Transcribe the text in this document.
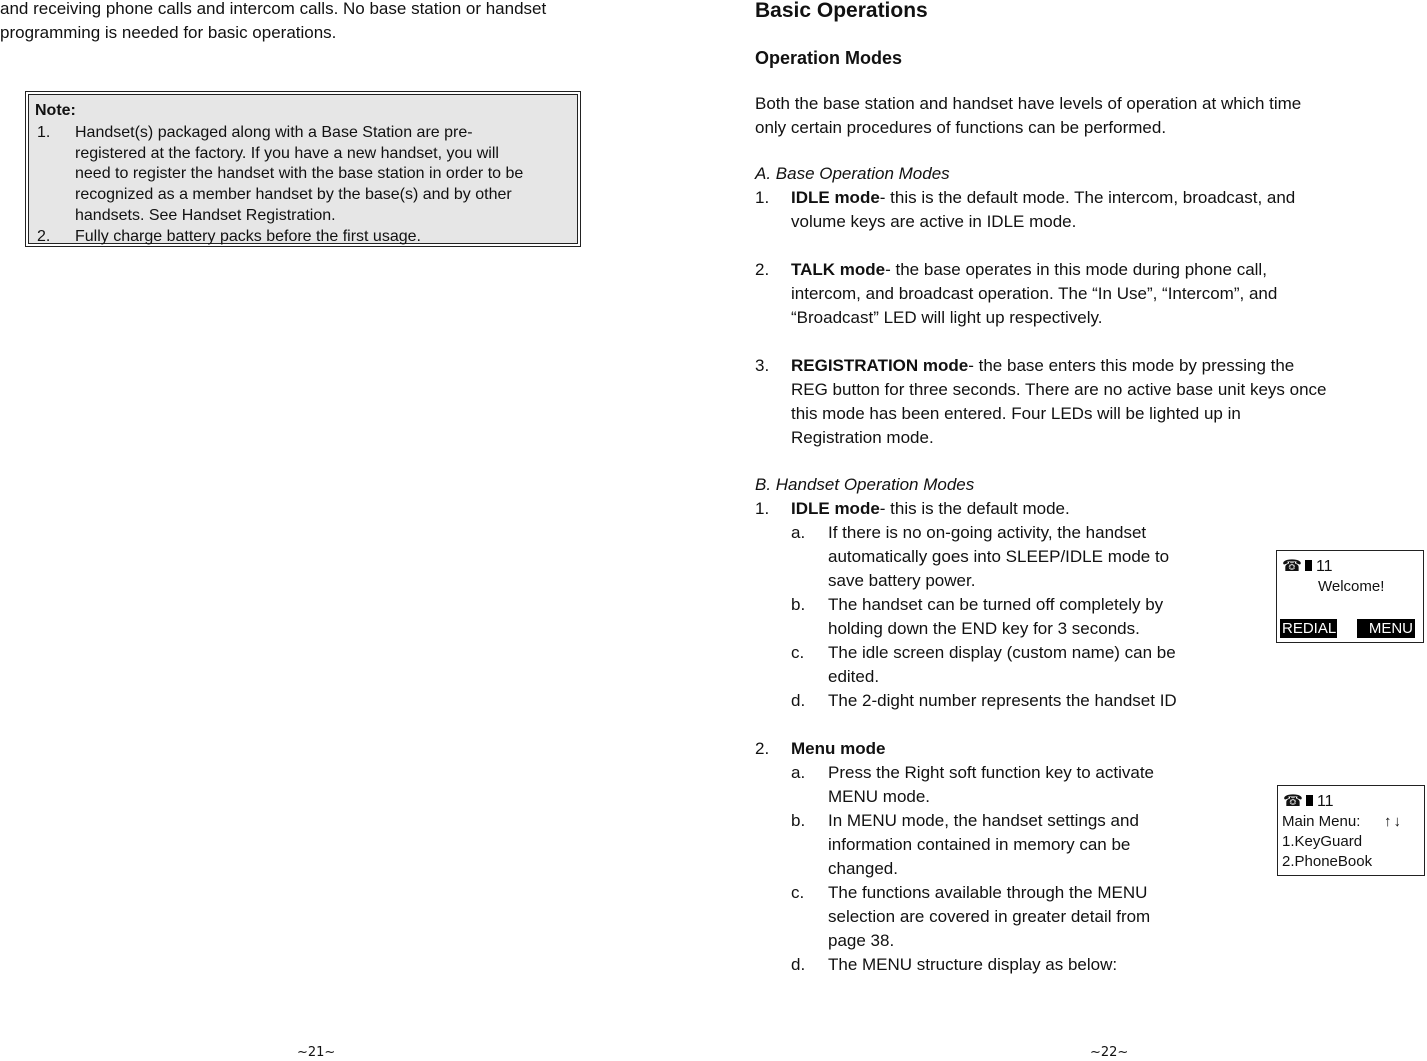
and receiving phone calls and intercom calls. No base station or handset
programming is needed for basic operations.
Note:
1. Handset(s) packaged along with a Base Station are pre-
registered at the factory. If you have a new handset, you will
need to register the handset with the base station in order to be
recognized as a member handset by the base(s) and by other
handsets. See Handset Registration.
2. Fully charge battery packs before the first usage.
~21~
Basic Operations
Operation Modes
Both the base station and handset have levels of operation at which time
only certain procedures of functions can be performed.
A. Base Operation Modes
1.	IDLE mode- this is the default mode. The intercom, broadcast, and
volume keys are active in IDLE mode.
2.	TALK mode- the base operates in this mode during phone call,
intercom, and broadcast operation. The “In Use”, “Intercom”, and
“Broadcast” LED will light up respectively.
3.	REGISTRATION mode- the base enters this mode by pressing the
REG button for three seconds. There are no active base unit keys once
this mode has been entered. Four LEDs will be lighted up in
Registration mode.
B. Handset Operation Modes
1.	IDLE mode- this is the default mode.
a. If there is no on-going activity, the handset
automatically goes into SLEEP/IDLE mode to
save battery power.
b. The handset can be turned off completely by
holding down the END key for 3 seconds.
c. The idle screen display (custom name) can be
edited.
d. The 2-dight number represents the handset ID
2.	Menu mode
a. Press the Right soft function key to activate
MENU mode.
b. In MENU mode, the handset settings and
information contained in memory can be
changed.
c. The functions available through the MENU
selection are covered in greater detail from
page 38.
d. The MENU structure display as below:
☎ 11
Welcome!
REDIAL	MENU
☎ 11
Main Menu: ↑↓
1.KeyGuard
2.PhoneBook
~22~
